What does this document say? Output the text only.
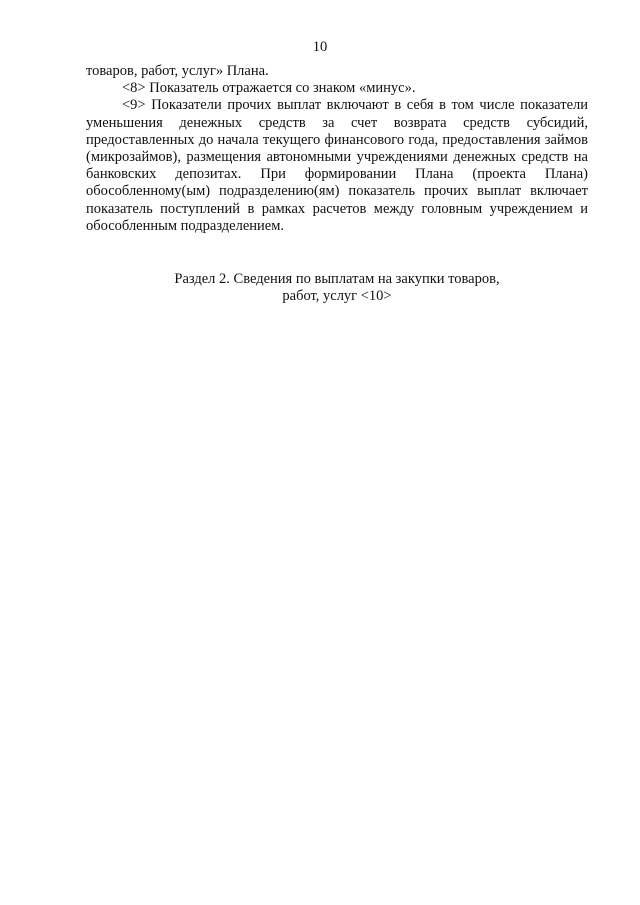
10

товаров, работ, услуг» Плана.

<8> Показатель отражается со знаком «минус».

<9> Показатели прочих выплат включают в себя в том числе показатели уменьшения денежных средств за счет возврата средств субсидий, предоставленных до начала текущего финансового года, предоставления займов (микрозаймов), размещения автономными учреждениями денежных средств на банковских депозитах. При формировании Плана (проекта Плана) обособленному(ым) подразделению(ям) показатель прочих выплат включает показатель поступлений в рамках расчетов между головным учреждением и обособленным подразделением.

Раздел 2. Сведения по выплатам на закупки товаров,
работ, услуг <10>
